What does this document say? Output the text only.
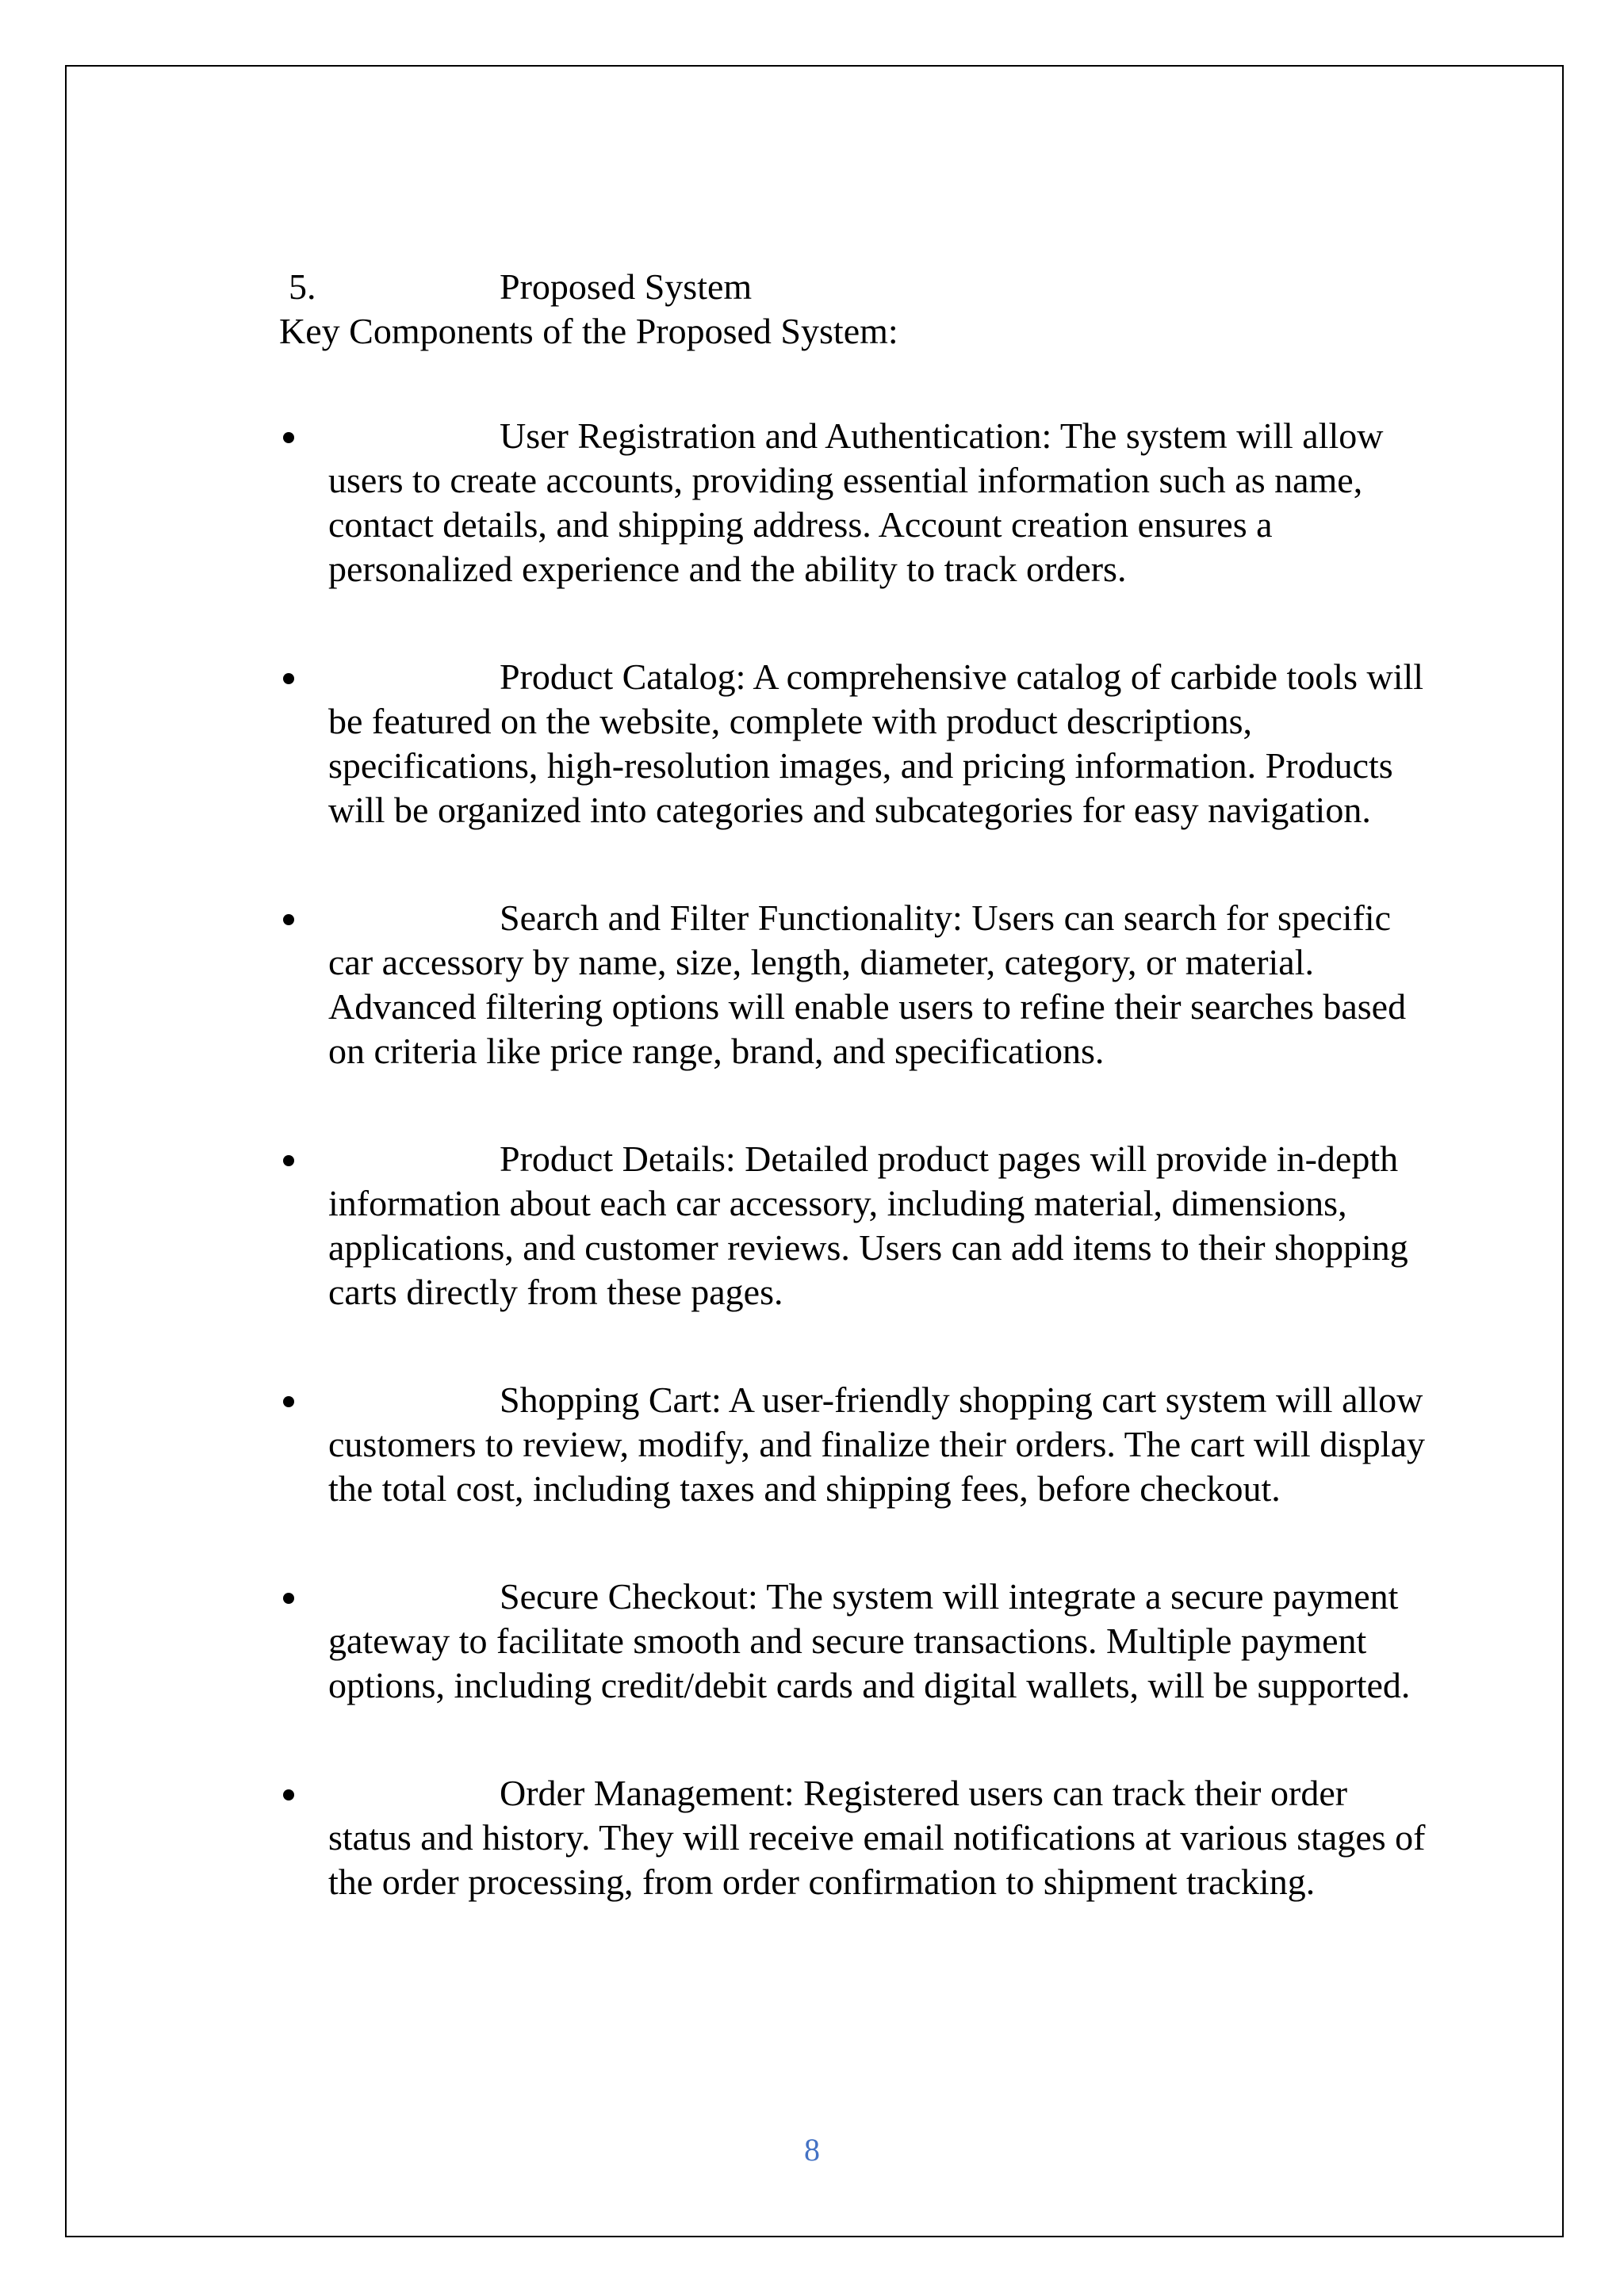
5.	Proposed System

Key Components of the Proposed System:

User Registration and Authentication: The system will allow users to create accounts, providing essential information such as name, contact details, and shipping address. Account creation ensures a personalized experience and the ability to track orders.
Product Catalog: A comprehensive catalog of carbide tools will be featured on the website, complete with product descriptions, specifications, high-resolution images, and pricing information. Products will be organized into categories and subcategories for easy navigation.
Search and Filter Functionality: Users can search for specific car accessory by name, size, length, diameter, category, or material. Advanced filtering options will enable users to refine their searches based on criteria like price range, brand, and specifications.
Product Details: Detailed product pages will provide in-depth information about each car accessory, including material, dimensions, applications, and customer reviews. Users can add items to their shopping carts directly from these pages.
Shopping Cart: A user-friendly shopping cart system will allow customers to review, modify, and finalize their orders. The cart will display the total cost, including taxes and shipping fees, before checkout.
Secure Checkout: The system will integrate a secure payment gateway to facilitate smooth and secure transactions. Multiple payment options, including credit/debit cards and digital wallets, will be supported.
Order Management: Registered users can track their order status and history. They will receive email notifications at various stages of the order processing, from order confirmation to shipment tracking.
8
